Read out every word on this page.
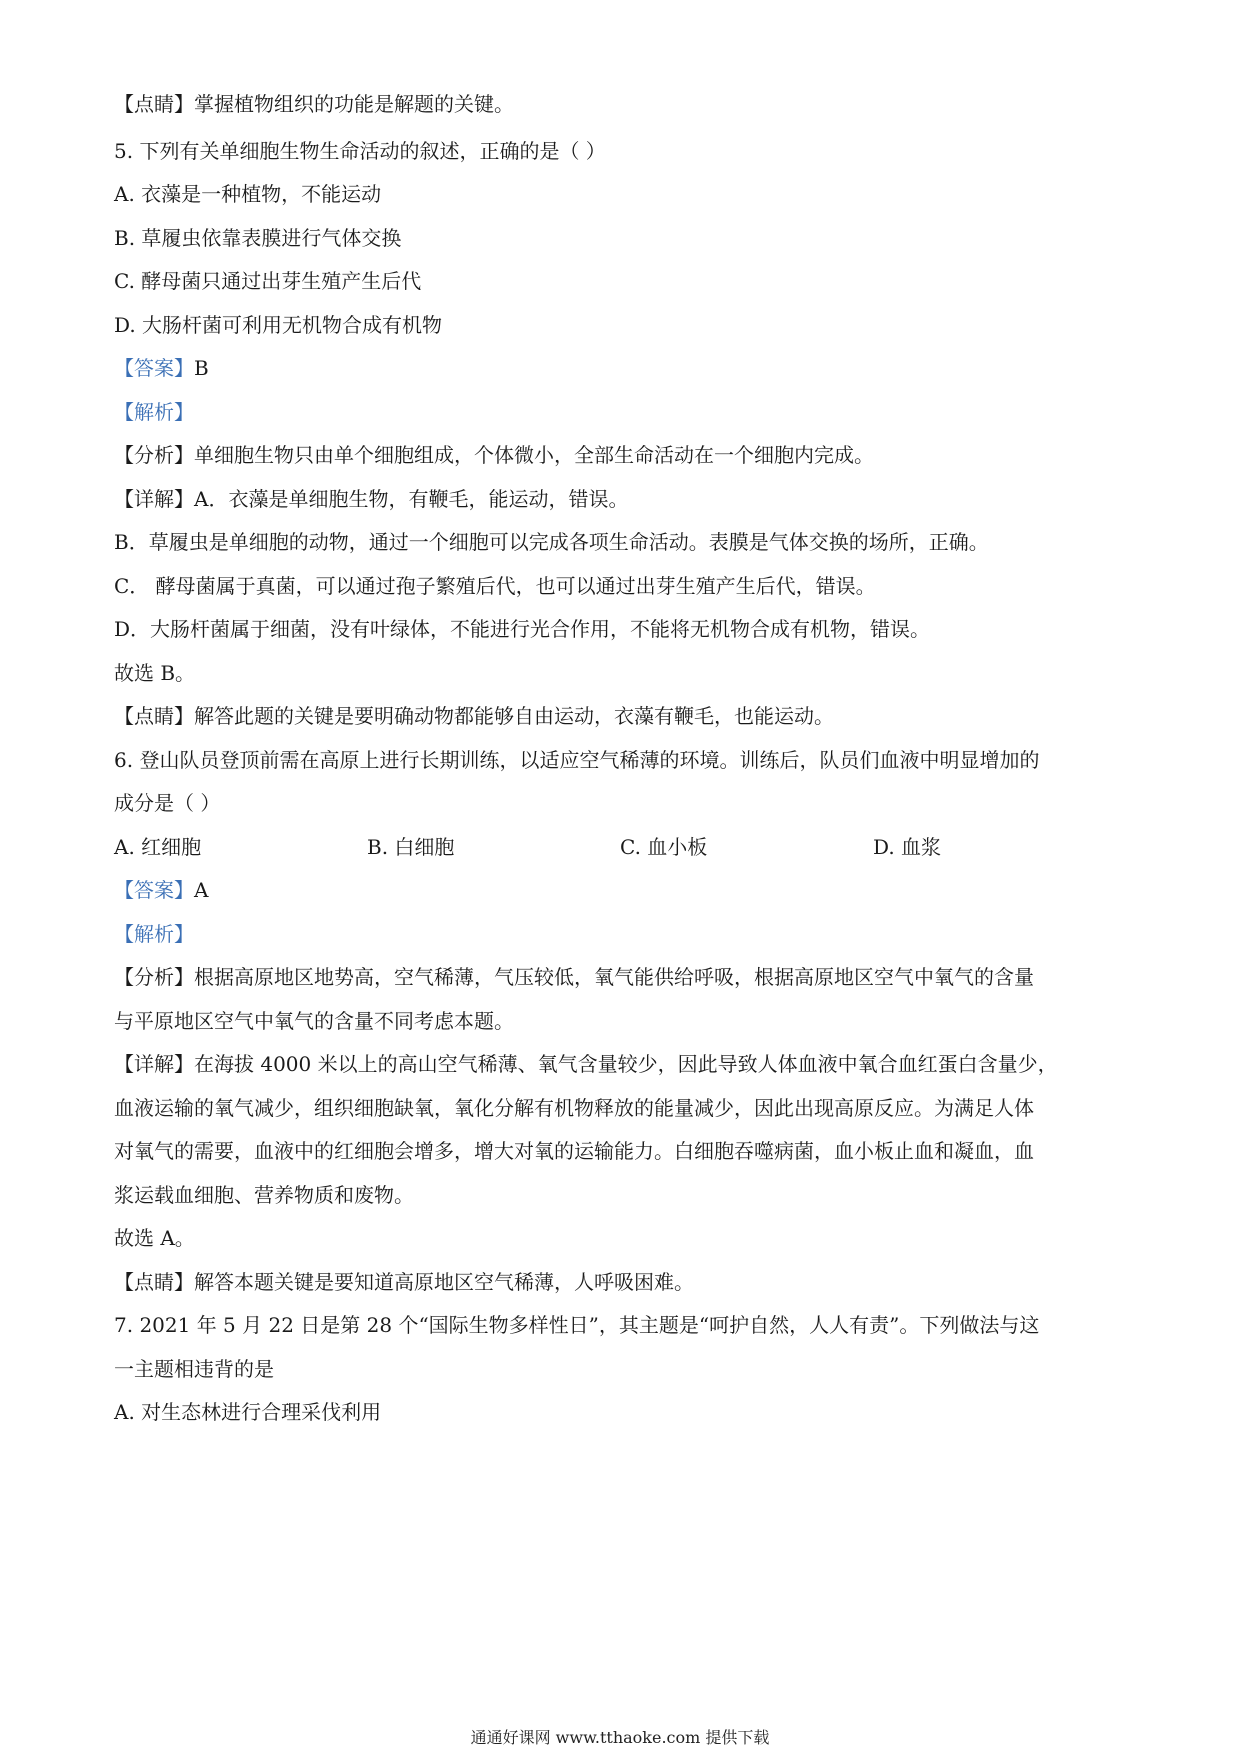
【点睛】掌握植物组织的功能是解题的关键。
5. 下列有关单细胞生物生命活动的叙述，正确的是（ ）
A. 衣藻是一种植物，不能运动
B. 草履虫依靠表膜进行气体交换
C. 酵母菌只通过出芽生殖产生后代
D. 大肠杆菌可利用无机物合成有机物
【答案】B
【解析】
【分析】单细胞生物只由单个细胞组成，个体微小，全部生命活动在一个细胞内完成。
【详解】A．衣藻是单细胞生物，有鞭毛，能运动，错误。
B．草履虫是单细胞的动物，通过一个细胞可以完成各项生命活动。表膜是气体交换的场所，正确。
C． 酵母菌属于真菌，可以通过孢子繁殖后代，也可以通过出芽生殖产生后代，错误。
D．大肠杆菌属于细菌，没有叶绿体，不能进行光合作用，不能将无机物合成有机物，错误。
故选 B。
【点睛】解答此题的关键是要明确动物都能够自由运动，衣藻有鞭毛，也能运动。
6. 登山队员登顶前需在高原上进行长期训练，以适应空气稀薄的环境。训练后，队员们血液中明显增加的
成分是（ ）
A. 红细胞	B. 白细胞	C. 血小板	D. 血浆
【答案】A
【解析】
【分析】根据高原地区地势高，空气稀薄，气压较低，氧气能供给呼吸，根据高原地区空气中氧气的含量
与平原地区空气中氧气的含量不同考虑本题。
【详解】在海拔 4000 米以上的高山空气稀薄、氧气含量较少，因此导致人体血液中氧合血红蛋白含量少，
血液运输的氧气减少，组织细胞缺氧，氧化分解有机物释放的能量减少，因此出现高原反应。为满足人体
对氧气的需要，血液中的红细胞会增多，增大对氧的运输能力。白细胞吞噬病菌，血小板止血和凝血，血
浆运载血细胞、营养物质和废物。
故选 A。
【点睛】解答本题关键是要知道高原地区空气稀薄，人呼吸困难。
7. 2021 年 5 月 22 日是第 28 个“国际生物多样性日”，其主题是“呵护自然，人人有责”。下列做法与这
一主题相违背的是
A. 对生态林进行合理采伐利用
通通好课网 www.tthaoke.com 提供下载
